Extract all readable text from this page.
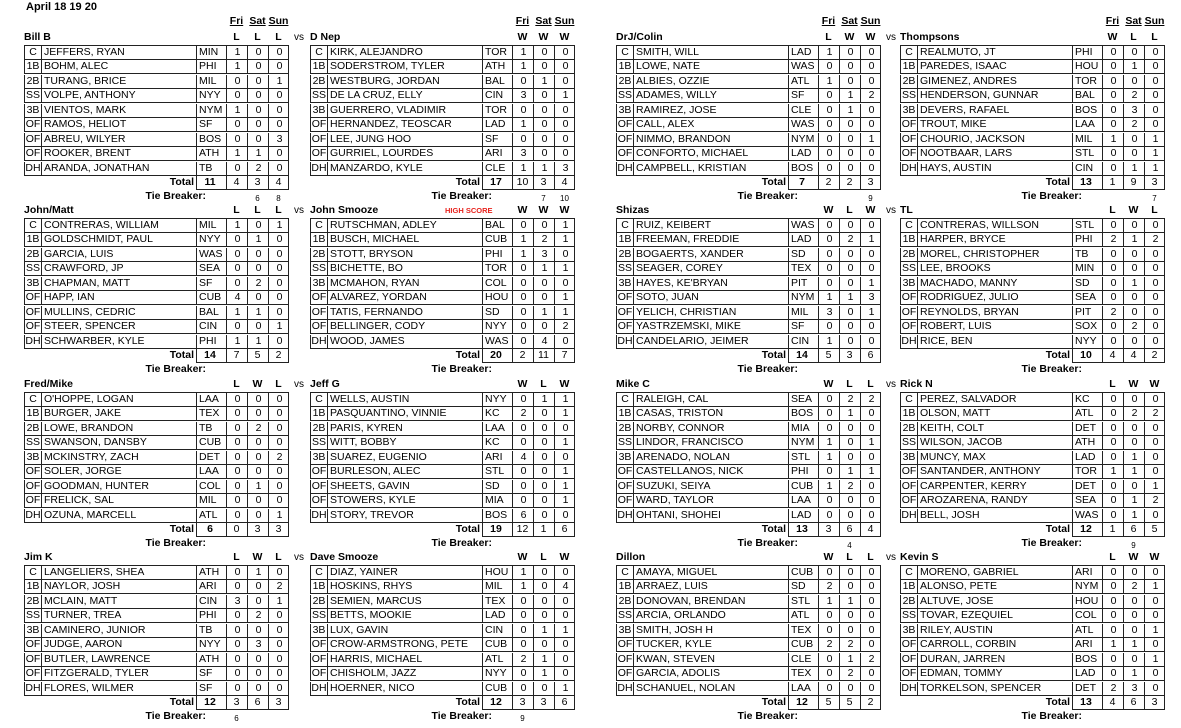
April 18 19 20
Fri Sat Sun
Bill B	L	L	L	vs
C JEFFERS, RYAN	MIN	1	0	0
1B BOHM, ALEC	PHI	1	0	0
2B TURANG, BRICE	MIL	0	0	1
SS VOLPE, ANTHONY	NYY	0	0	0
3B VIENTOS, MARK	NYM	1	0	0
OF RAMOS, HELIOT	SF	0	0	0
OF ABREU, WILYER	BOS	0	0	3
OF ROOKER, BRENT	ATH	1	1	0
DH ARANDA, JONATHAN	TB	0	2	0
Total 11	4	3	4
Tie Breaker:	6	8
Fri Sat Sun
D Nep	W	W	W
C KIRK, ALEJANDRO	TOR	1	0	0
1B SODERSTROM, TYLER	ATH	1	0	0
2B WESTBURG, JORDAN	BAL	0	1	0
SS DE LA CRUZ, ELLY	CIN	3	0	1
3B GUERRERO, VLADIMIR	TOR	0	0	0
OF HERNANDEZ, TEOSCAR	LAD	1	0	0
OF LEE, JUNG HOO	SF	0	0	0
OF GURRIEL, LOURDES	ARI	3	0	0
DH MANZARDO, KYLE	CLE	1	1	3
Total 17	10	3	4
Tie Breaker:	7	10
Fri Sat Sun
DrJ/Colin	L	W	W	vs
C SMITH, WILL	LAD	1	0	0
1B LOWE, NATE	WAS	0	0	0
2B ALBIES, OZZIE	ATL	1	0	0
SS ADAMES, WILLY	SF	0	1	2
3B RAMIREZ, JOSE	CLE	0	1	0
OF CALL, ALEX	WAS	0	0	0
OF NIMMO, BRANDON	NYM	0	0	1
OF CONFORTO, MICHAEL	LAD	0	0	0
DH CAMPBELL, KRISTIAN	BOS	0	0	0
Total	7	2	2	3
Tie Breaker:	9
Fri Sat Sun
Thompsons	W	L	L
C REALMUTO, JT	PHI	0	0	0
1B PAREDES, ISAAC	HOU	0	1	0
2B GIMENEZ, ANDRES	TOR	0	0	0
SS HENDERSON, GUNNAR	BAL	0	2	0
3B DEVERS, RAFAEL	BOS	0	3	0
OF TROUT, MIKE	LAA	0	2	0
OF CHOURIO, JACKSON	MIL	1	0	1
OF NOOTBAAR, LARS	STL	0	0	1
DH HAYS, AUSTIN	CIN	0	1	1
Total 13	1	9	3
Tie Breaker:	7
John/Matt	L	L	L	vs
C CONTRERAS, WILLIAM	MIL	1	0	1
1B GOLDSCHMIDT, PAUL	NYY	0	1	0
2B GARCIA, LUIS	WAS	0	0	0
SS CRAWFORD, JP	SEA	0	0	0
3B CHAPMAN, MATT	SF	0	2	0
OF HAPP, IAN	CUB	4	0	0
OF MULLINS, CEDRIC	BAL	1	1	0
OF STEER, SPENCER	CIN	0	0	1
DH SCHWARBER, KYLE	PHI	1	1	0
Total 14	7	5	2
Tie Breaker:
John Smooze	HIGH SCORE	W	W	W
C RUTSCHMAN, ADLEY	BAL	0	0	1
1B BUSCH, MICHAEL	CUB	1	2	1
2B STOTT, BRYSON	PHI	1	3	0
SS BICHETTE, BO	TOR	0	1	1
3B MCMAHON, RYAN	COL	0	0	0
OF ALVAREZ, YORDAN	HOU	0	0	1
OF TATIS, FERNANDO	SD	0	1	1
OF BELLINGER, CODY	NYY	0	0	2
DH WOOD, JAMES	WAS	0	4	0
Total 20	2	11	7
Tie Breaker:
Shizas	W	L	W	vs
C RUIZ, KEIBERT	WAS	0	0	0
1B FREEMAN, FREDDIE	LAD	0	2	1
2B BOGAERTS, XANDER	SD	0	0	0
SS SEAGER, COREY	TEX	0	0	0
3B HAYES, KE'BRYAN	PIT	0	0	1
OF SOTO, JUAN	NYM	1	1	3
OF YELICH, CHRISTIAN	MIL	3	0	1
OF YASTRZEMSKI, MIKE	SF	0	0	0
DH CANDELARIO, JEIMER	CIN	1	0	0
Total 14	5	3	6
Tie Breaker:
TL	L	W	L
C CONTRERAS, WILLSON	STL	0	0	0
1B HARPER, BRYCE	PHI	2	1	2
2B MOREL, CHRISTOPHER	TB	0	0	0
SS LEE, BROOKS	MIN	0	0	0
3B MACHADO, MANNY	SD	0	1	0
OF RODRIGUEZ, JULIO	SEA	0	0	0
OF REYNOLDS, BRYAN	PIT	2	0	0
OF ROBERT, LUIS	SOX	0	2	0
DH RICE, BEN	NYY	0	0	0
Total 10	4	4	2
Tie Breaker:
Fred/Mike	L	W	L	vs
C O'HOPPE, LOGAN	LAA	0	0	0
1B BURGER, JAKE	TEX	0	0	0
2B LOWE, BRANDON	TB	0	2	0
SS SWANSON, DANSBY	CUB	0	0	0
3B MCKINSTRY, ZACH	DET	0	0	2
OF SOLER, JORGE	LAA	0	0	0
OF GOODMAN, HUNTER	COL	0	1	0
OF FRELICK, SAL	MIL	0	0	0
DH OZUNA, MARCELL	ATL	0	0	1
Total	6	0	3	3
Tie Breaker:
Jeff G	W	L	W
C WELLS, AUSTIN	NYY	0	1	1
1B PASQUANTINO, VINNIE	KC	2	0	1
2B PARIS, KYREN	LAA	0	0	0
SS WITT, BOBBY	KC	0	0	1
3B SUAREZ, EUGENIO	ARI	4	0	0
OF BURLESON, ALEC	STL	0	0	1
OF SHEETS, GAVIN	SD	0	0	1
OF STOWERS, KYLE	MIA	0	0	1
DH STORY, TREVOR	BOS	6	0	0
Total 19	12	1	6
Tie Breaker:
Mike C	W	L	L	vs
C RALEIGH, CAL	SEA	0	2	2
1B CASAS, TRISTON	BOS	0	1	0
2B NORBY, CONNOR	MIA	0	0	0
SS LINDOR, FRANCISCO	NYM	1	0	1
3B ARENADO, NOLAN	STL	1	0	0
OF CASTELLANOS, NICK	PHI	0	1	1
OF SUZUKI, SEIYA	CUB	1	2	0
OF WARD, TAYLOR	LAA	0	0	0
DH OHTANI, SHOHEI	LAD	0	0	0
Total 13	3	6	4
Tie Breaker:	4
Rick N	L	W	W
C PEREZ, SALVADOR	KC	0	0	0
1B OLSON, MATT	ATL	0	2	2
2B KEITH, COLT	DET	0	0	0
SS WILSON, JACOB	ATH	0	0	0
3B MUNCY, MAX	LAD	0	1	0
OF SANTANDER, ANTHONY	TOR	1	1	0
OF CARPENTER, KERRY	DET	0	0	1
OF AROZARENA, RANDY	SEA	0	1	2
DH BELL, JOSH	WAS	0	1	0
Total 12	1	6	5
Tie Breaker:	9
Jim K	L	W	L	vs
C LANGELIERS, SHEA	ATH	0	1	0
1B NAYLOR, JOSH	ARI	0	0	2
2B MCLAIN, MATT	CIN	3	0	1
SS TURNER, TREA	PHI	0	2	0
3B CAMINERO, JUNIOR	TB	0	0	0
OF JUDGE, AARON	NYY	0	3	0
OF BUTLER, LAWRENCE	ATH	0	0	0
OF FITZGERALD, TYLER	SF	0	0	0
DH FLORES, WILMER	SF	0	0	0
Total 12	3	6	3
Tie Breaker:	6
Dave Smooze	W	L	W
C DIAZ, YAINER	HOU	1	0	0
1B HOSKINS, RHYS	MIL	1	0	4
2B SEMIEN, MARCUS	TEX	0	0	0
SS BETTS, MOOKIE	LAD	0	0	0
3B LUX, GAVIN	CIN	0	1	1
OF CROW-ARMSTRONG, PETE	CUB	0	0	0
OF HARRIS, MICHAEL	ATL	2	1	0
OF CHISHOLM, JAZZ	NYY	0	1	0
DH HOERNER, NICO	CUB	0	0	1
Total 12	3	3	6
Tie Breaker:	9
Dillon	W	L	L	vs
C AMAYA, MIGUEL	CUB	0	0	0
1B ARRAEZ, LUIS	SD	2	0	0
2B DONOVAN, BRENDAN	STL	1	1	0
SS ARCIA, ORLANDO	ATL	0	0	0
3B SMITH, JOSH H	TEX	0	0	0
OF TUCKER, KYLE	CUB	2	2	0
OF KWAN, STEVEN	CLE	0	1	2
OF GARCIA, ADOLIS	TEX	0	2	0
DH SCHANUEL, NOLAN	LAA	0	0	0
Total 12	5	5	2
Tie Breaker:
Kevin S	L	W	W
C MORENO, GABRIEL	ARI	0	0	0
1B ALONSO, PETE	NYM	0	2	1
2B ALTUVE, JOSE	HOU	0	0	0
SS TOVAR, EZEQUIEL	COL	0	0	0
3B RILEY, AUSTIN	ATL	0	0	1
OF CARROLL, CORBIN	ARI	1	1	0
OF DURAN, JARREN	BOS	0	0	1
OF EDMAN, TOMMY	LAD	0	1	0
DH TORKELSON, SPENCER	DET	2	3	0
Total 13	4	6	3
Tie Breaker:
